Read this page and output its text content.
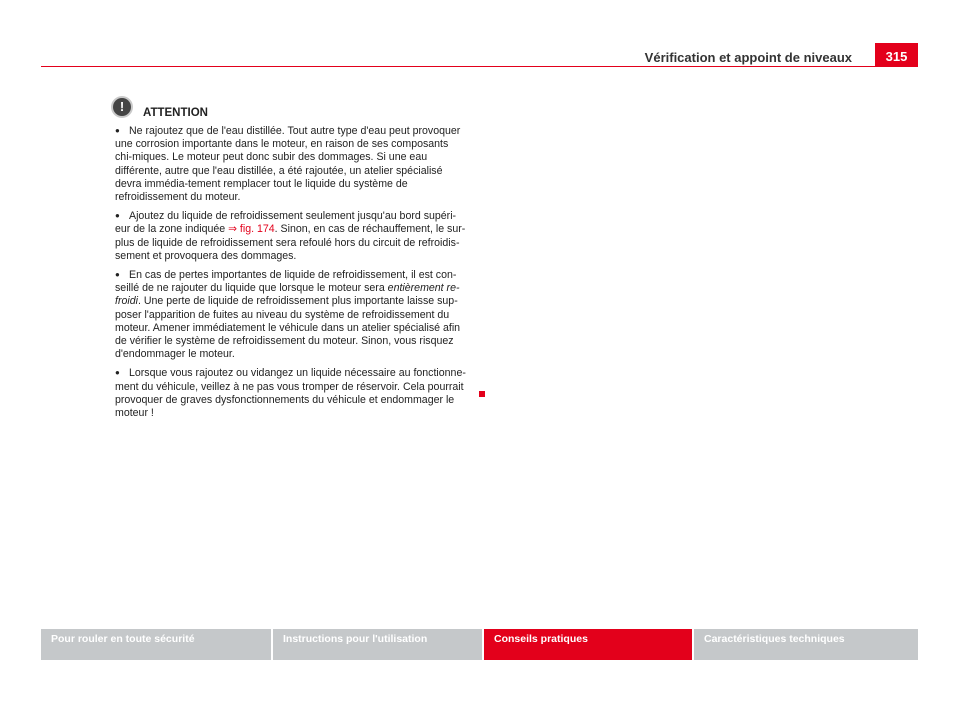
Vérification et appoint de niveaux	315
!	ATTENTION

● Ne rajoutez que de l'eau distillée. Tout autre type d'eau peut provoquer une corrosion importante dans le moteur, en raison de ses composants chi-miques. Le moteur peut donc subir des dommages. Si une eau différente, autre que l'eau distillée, a été rajoutée, un atelier spécialisé devra immédia-tement remplacer tout le liquide du système de refroidissement du moteur.

● Ajoutez du liquide de refroidissement seulement jusqu'au bord supéri-eur de la zone indiquée ⇒ fig. 174. Sinon, en cas de réchauffement, le sur-plus de liquide de refroidissement sera refoulé hors du circuit de refroidis-sement et provoquera des dommages.

● En cas de pertes importantes de liquide de refroidissement, il est con-seillé de ne rajouter du liquide que lorsque le moteur sera entièrement re-froidi. Une perte de liquide de refroidissement plus importante laisse sup-poser l'apparition de fuites au niveau du système de refroidissement du moteur. Amener immédiatement le véhicule dans un atelier spécialisé afin de vérifier le système de refroidissement du moteur. Sinon, vous risquez d'endommager le moteur.

● Lorsque vous rajoutez ou vidangez un liquide nécessaire au fonctionne-ment du véhicule, veillez à ne pas vous tromper de réservoir. Cela pourrait provoquer de graves dysfonctionnements du véhicule et endommager le moteur !

Pour rouler en toute sécurité	Instructions pour l'utilisation	Conseils pratiques	Caractéristiques techniques
